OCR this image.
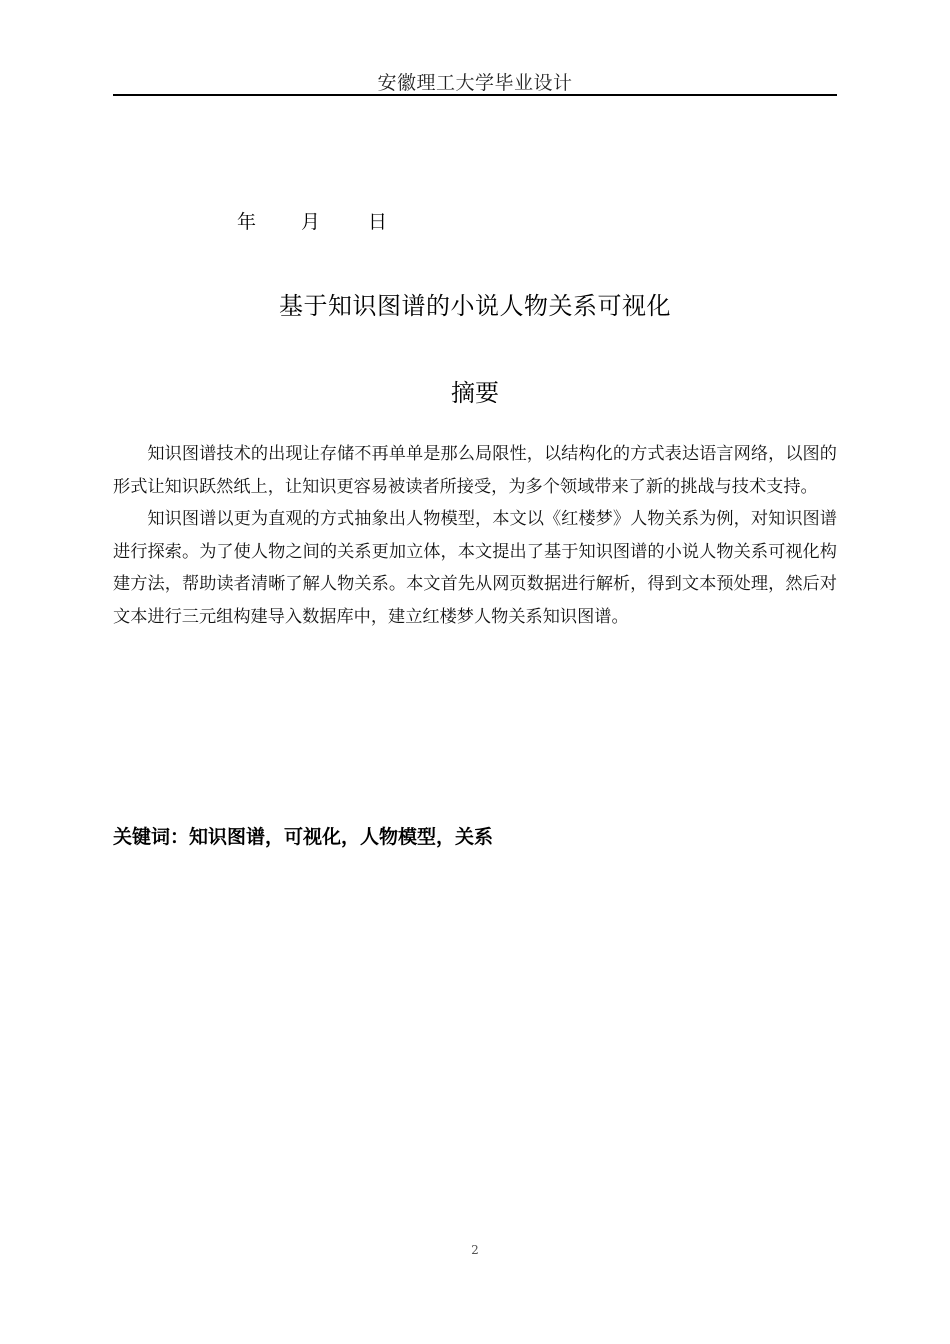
安徽理工大学毕业设计
年 月	日
基于知识图谱的小说人物关系可视化
摘要

知识图谱技术的出现让存储不再单单是那么局限性，以结构化的方式表达语言网络，以图的形式让知识跃然纸上，让知识更容易被读者所接受，为多个领域带来了新的挑战与技术支持。

知识图谱以更为直观的方式抽象出人物模型，本文以《红楼梦》人物关系为例，对知识图谱进行探索。为了使人物之间的关系更加立体，本文提出了基于知识图谱的小说人物关系可视化构建方法，帮助读者清晰了解人物关系。本文首先从网页数据进行解析，得到文本预处理，然后对文本进行三元组构建导入数据库中，建立红楼梦人物关系知识图谱。

关键词：知识图谱，可视化，人物模型，关系
2
